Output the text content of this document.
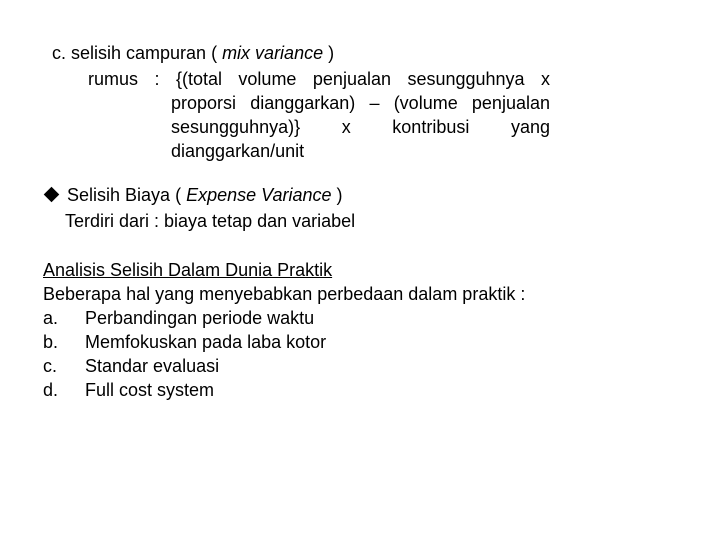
c. selisih campuran ( mix variance )
rumus : {(total volume penjualan sesungguhnya x
proporsi dianggarkan) – (volume penjualan
sesungguhnya)} x kontribusi yang
dianggarkan/unit
Selisih Biaya ( Expense Variance )
Terdiri dari : biaya tetap dan variabel
Analisis Selisih Dalam Dunia Praktik
Beberapa hal yang menyebabkan perbedaan dalam praktik :
a. Perbandingan periode waktu
b. Memfokuskan pada laba kotor
c. Standar evaluasi
d. Full cost system
